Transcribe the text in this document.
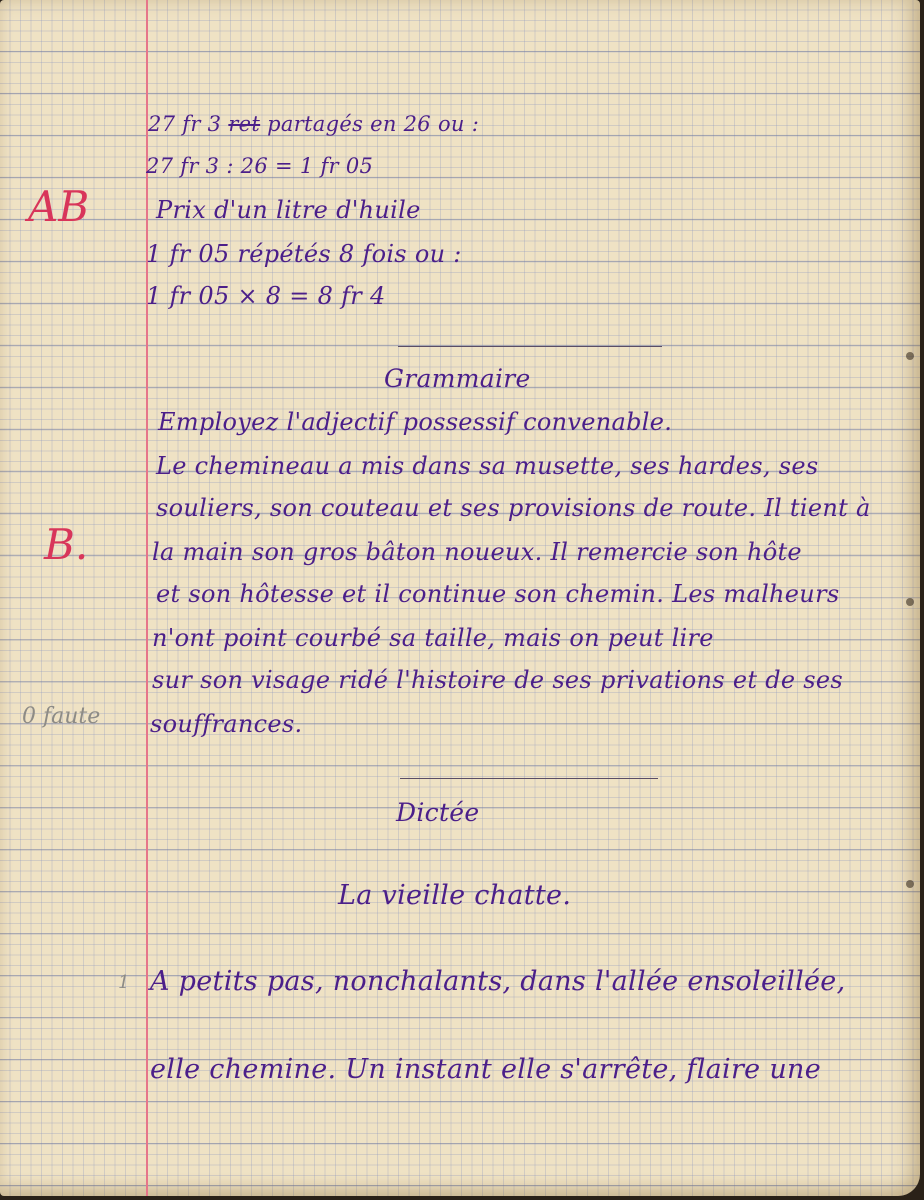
27 fr 3 ret partagés en 26 ou :
27 fr 3 : 26 = 1 fr 05
AB	Prix d'un litre d'huile
1 fr 05 répétés 8 fois ou :
1 fr 05 × 8 = 8 fr 4
Grammaire
Employez l'adjectif possessif convenable.
Le chemineau a mis dans sa musette, ses hardes, ses
souliers, son couteau et ses provisions de route. Il tient à
B.	la main son gros bâton noueux. Il remercie son hôte
et son hôtesse et il continue son chemin. Les malheurs
n'ont point courbé sa taille, mais on peut lire
sur son visage ridé l'histoire de ses privations et de ses
souffrances.
0 faute
Dictée
La vieille chatte.
1 A petits pas, nonchalants, dans l'allée ensoleillée,
elle chemine. Un instant elle s'arrête, flaire une
